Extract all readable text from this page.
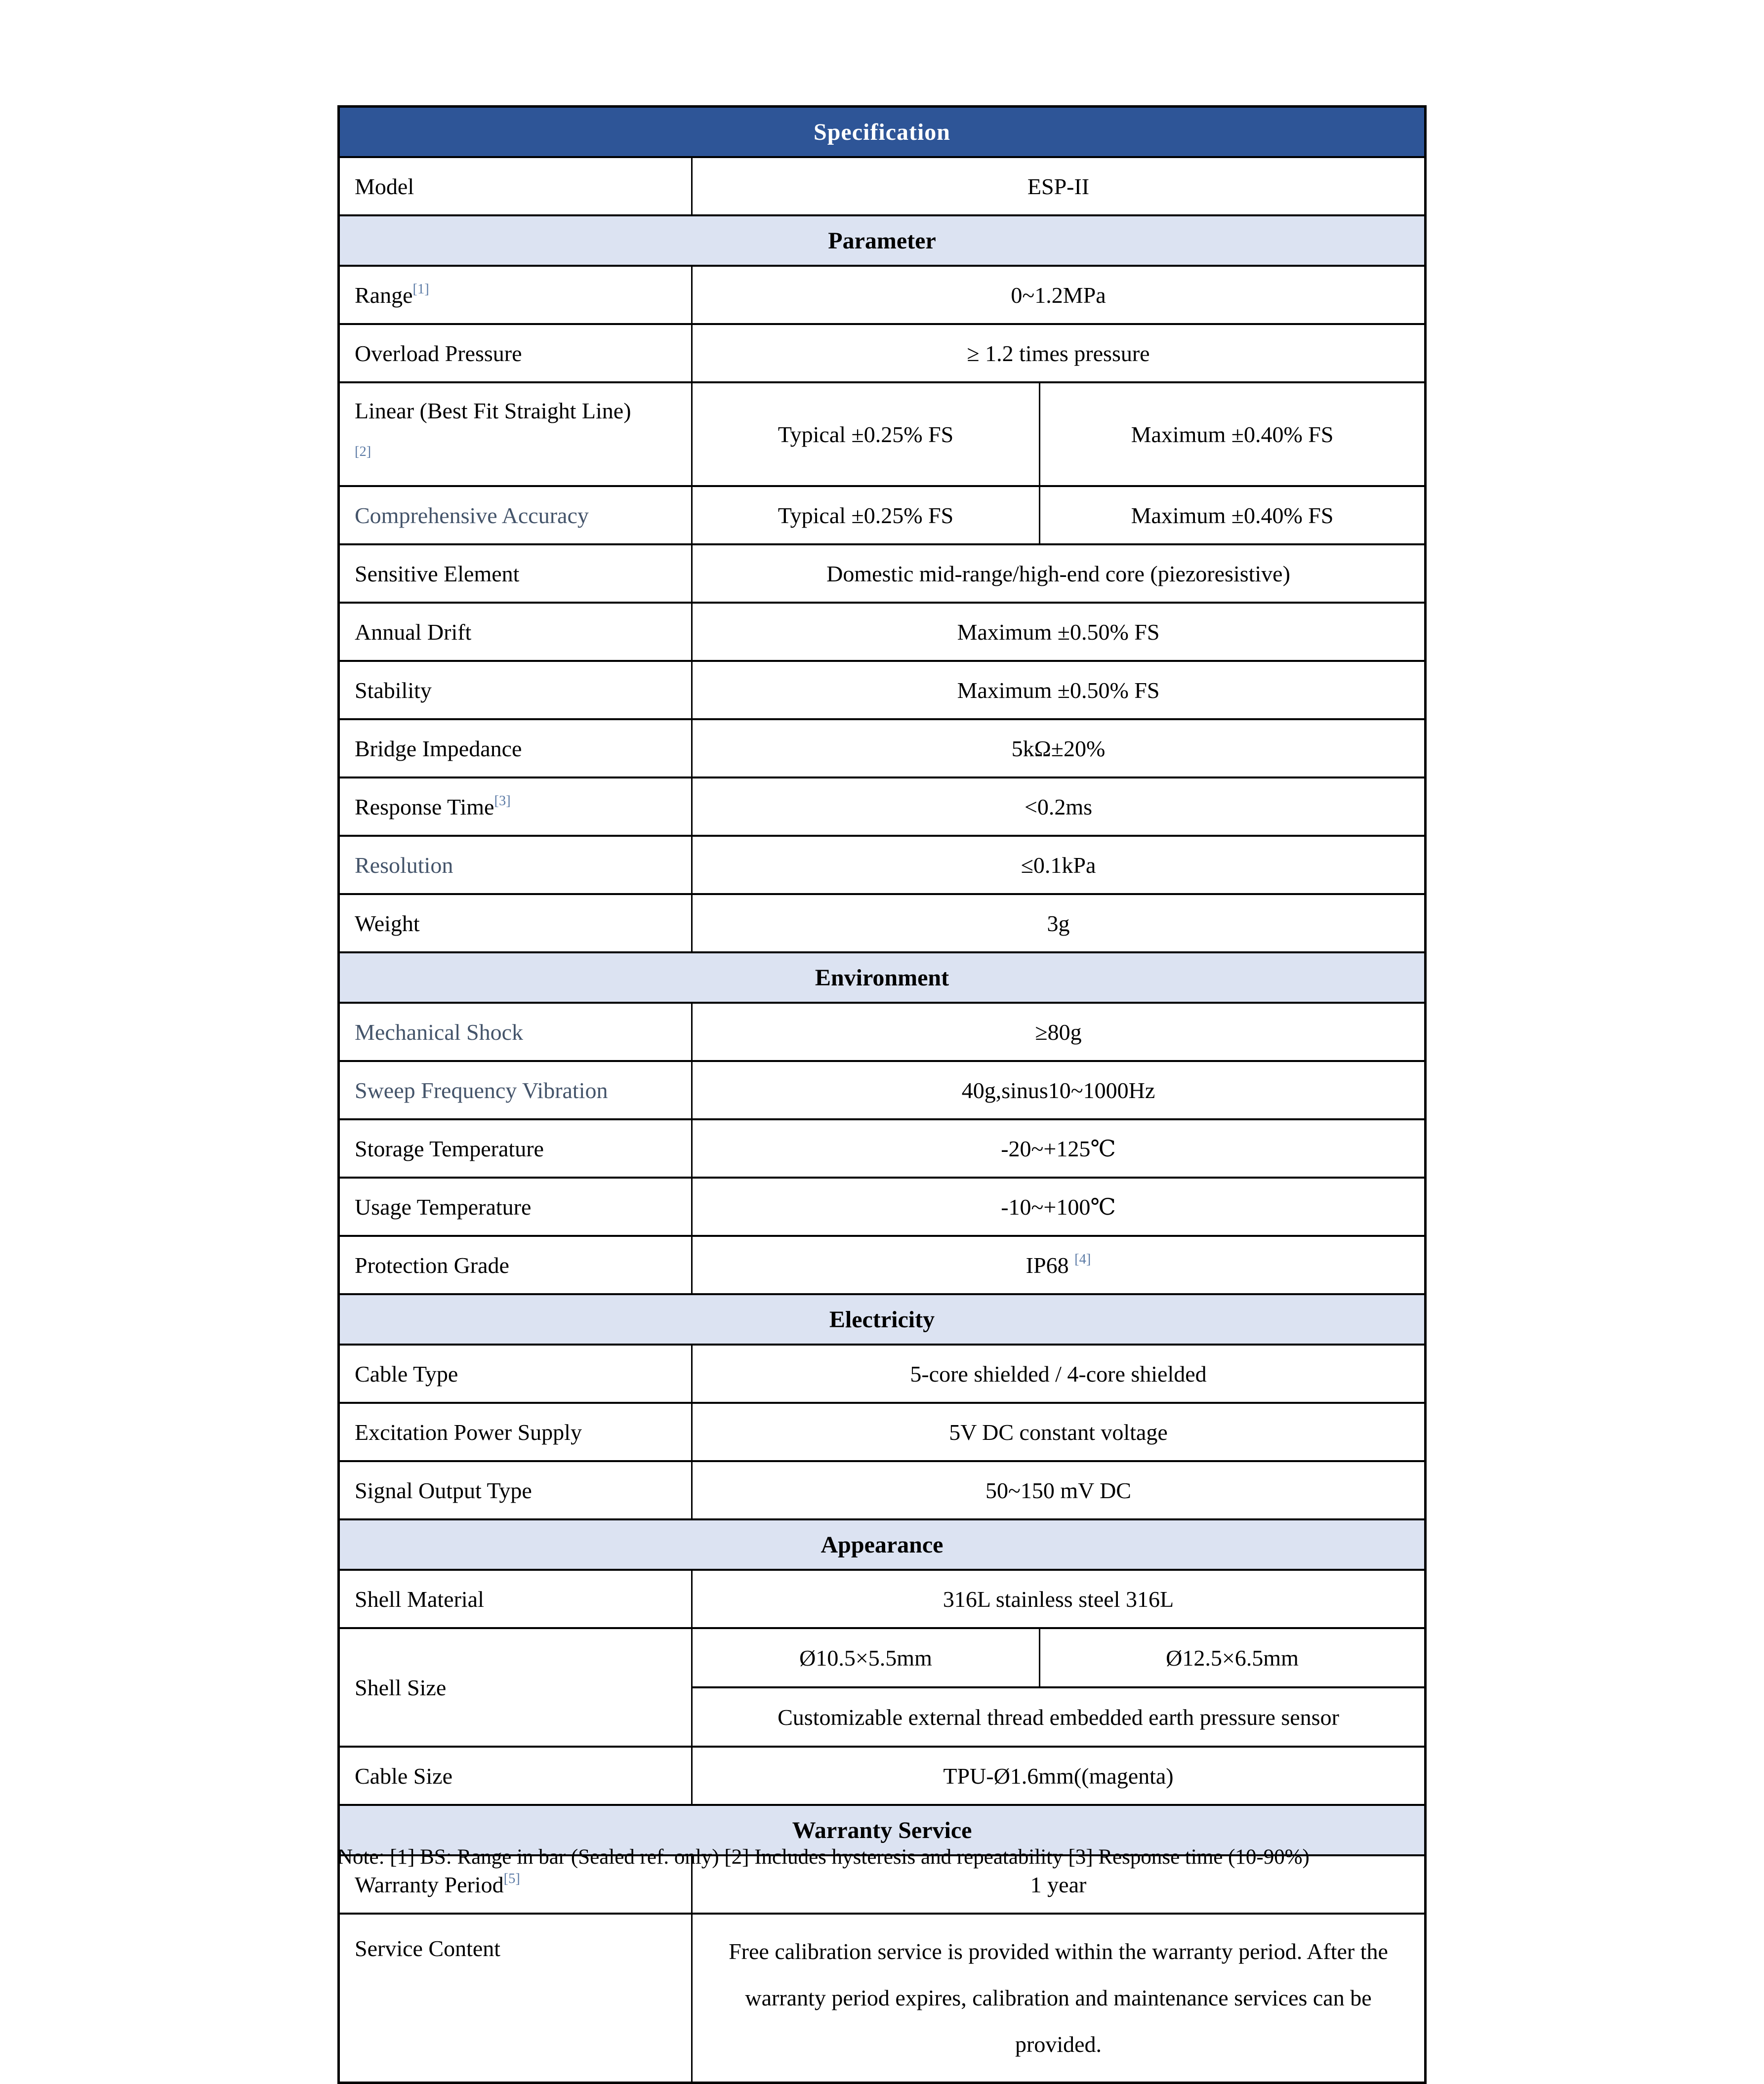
Specification		
Model	ESP-II	
Parameter		
Range[1]	0~1.2MPa	
Overload Pressure	≥ 1.2 times pressure	
Linear (Best Fit Straight Line)[2]	Typical ±0.25% FS	Maximum ±0.40% FS
Comprehensive Accuracy	Typical ±0.25% FS	Maximum ±0.40% FS
Sensitive Element	Domestic mid-range/high-end core (piezoresistive)	
Annual Drift	Maximum ±0.50% FS	
Stability	Maximum ±0.50% FS	
Bridge Impedance	5kΩ±20%	
Response Time[3]	<0.2ms	
Resolution	≤0.1kPa	
Weight	3g	
Environment		
Mechanical Shock	≥80g	
Sweep Frequency Vibration	40g,sinus10~1000Hz	
Storage Temperature	-20~+125℃	
Usage Temperature	-10~+100℃	
Protection Grade	IP68 [4]
Electricity		
Cable Type	5-core shielded / 4-core shielded	
Excitation Power Supply	5V DC constant voltage	
Signal Output Type	50~150 mV DC	
Appearance		
Shell Material	316L stainless steel 316L	
Shell Size	Ø10.5×5.5mm	Ø12.5×6.5mm
	Customizable external thread embedded earth pressure sensor	
Cable Size	TPU-Ø1.6mm((magenta)	
Warranty Service		
Warranty Period[5]	1 year	
Service Content	Free calibration service is provided within the warranty period. After the warranty period expires, calibration and maintenance services can be provided.	
Note: [1] BS: Range in bar (Sealed ref. only) [2] Includes hysteresis and repeatability [3] Response time (10-90%)
